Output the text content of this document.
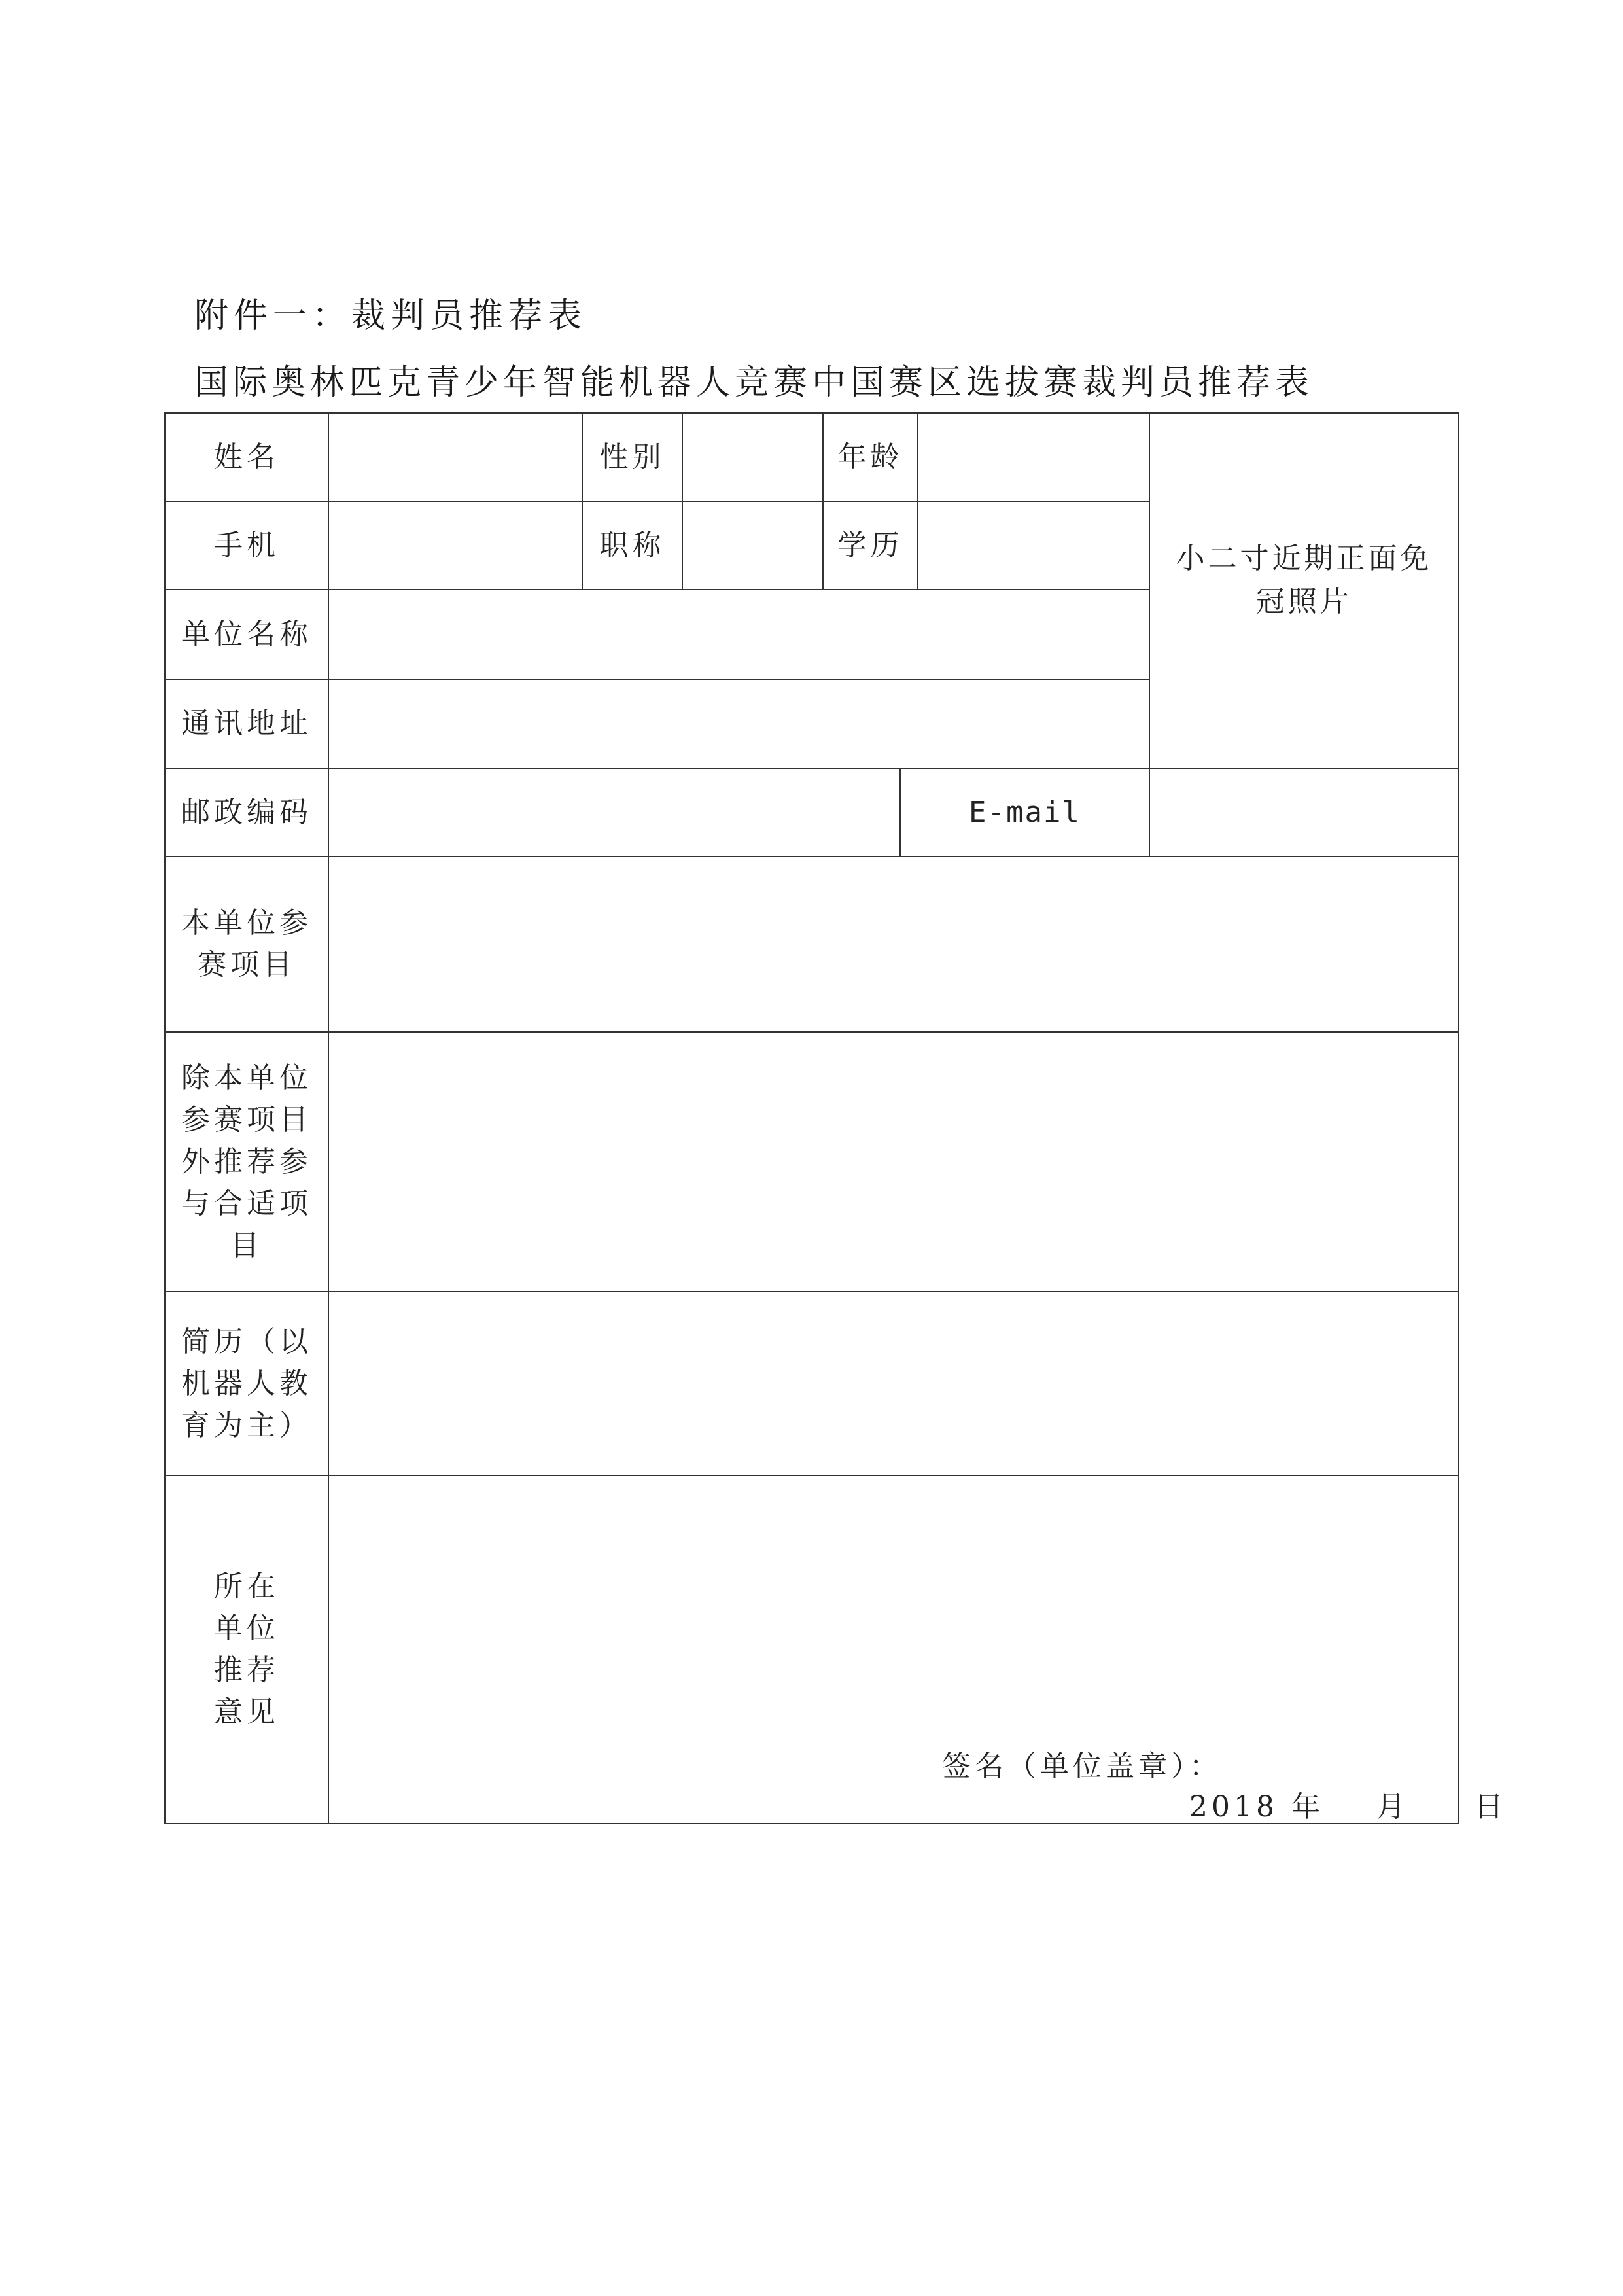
附件一：裁判员推荐表
国际奥林匹克青少年智能机器人竞赛中国赛区选拔赛裁判员推荐表
姓名	性别	年龄
小二寸近期正面免
冠照片
手机	职称	学历
单位名称
通讯地址
邮政编码	E-mail
本单位参
赛项目
除本单位
参赛项目
外推荐参
与合适项
目
简历（以
机器人教
育为主）
所在
单位
推荐
意见
签名（单位盖章）：
2018 年    月     日
